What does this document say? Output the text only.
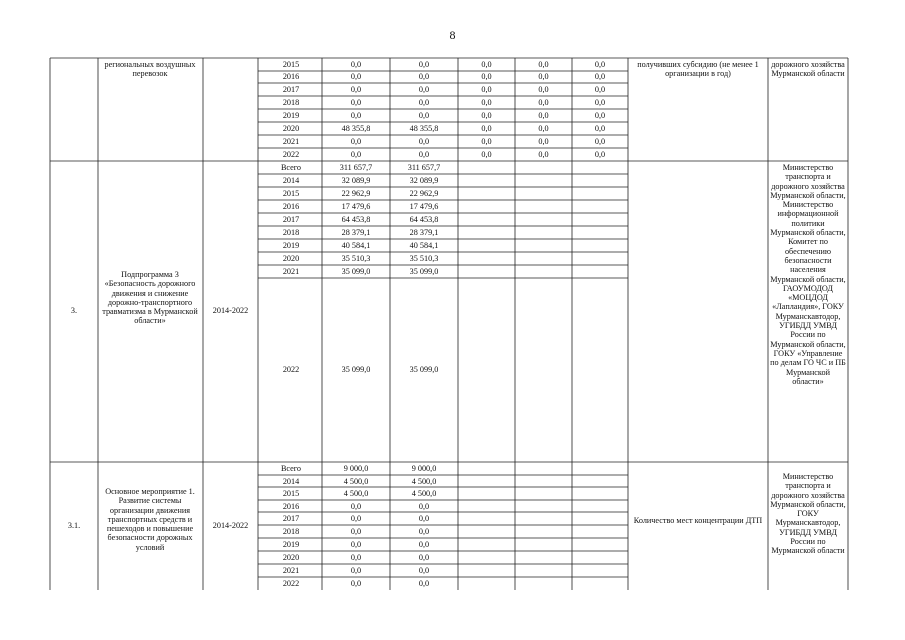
8
региональных воздушных перевозок
получивших субсидию (не менее 1 организации в год)
дорожного хозяйства Мурманской области
2015	0,0	0,0	0,0	0,0	0,0
2016	0,0	0,0	0,0	0,0	0,0
2017	0,0	0,0	0,0	0,0	0,0
2018	0,0	0,0	0,0	0,0	0,0
2019	0,0	0,0	0,0	0,0	0,0
2020	48 355,8	48 355,8	0,0	0,0	0,0
2021	0,0	0,0	0,0	0,0	0,0
2022	0,0	0,0	0,0	0,0	0,0
3.
Подпрограмма 3 «Безопасность дорожного движения и снижение дорожно-транспортного травматизма в Мурманской области»
2014-2022
Министерство транспорта и дорожного хозяйства Мурманской области, Министерство информационной политики Мурманской области, Комитет по обеспечению безопасности населения Мурманской области, ГАОУМОДОД «МОЦДОД «Лапландия», ГОКУ Мурманскавтодор, УГИБДД УМВД России по Мурманской области, ГОКУ «Управление по делам ГО ЧС и ПБ Мурманской области»
Всего	311 657,7	311 657,7
2014	32 089,9	32 089,9
2015	22 962,9	22 962,9
2016	17 479,6	17 479,6
2017	64 453,8	64 453,8
2018	28 379,1	28 379,1
2019	40 584,1	40 584,1
2020	35 510,3	35 510,3
2021	35 099,0	35 099,0
2022	35 099,0	35 099,0
3.1.
Основное мероприятие 1. Развитие системы организации движения транспортных средств и пешеходов и повышение безопасности дорожных условий
2014-2022
Количество мест концентрации ДТП
Министерство транспорта и дорожного хозяйства Мурманской области, ГОКУ Мурманскавтодор, УГИБДД УМВД России по Мурманской области
Всего	9 000,0	9 000,0
2014	4 500,0	4 500,0
2015	4 500,0	4 500,0
2016	0,0	0,0
2017	0,0	0,0
2018	0,0	0,0
2019	0,0	0,0
2020	0,0	0,0
2021	0,0	0,0
2022	0,0	0,0
